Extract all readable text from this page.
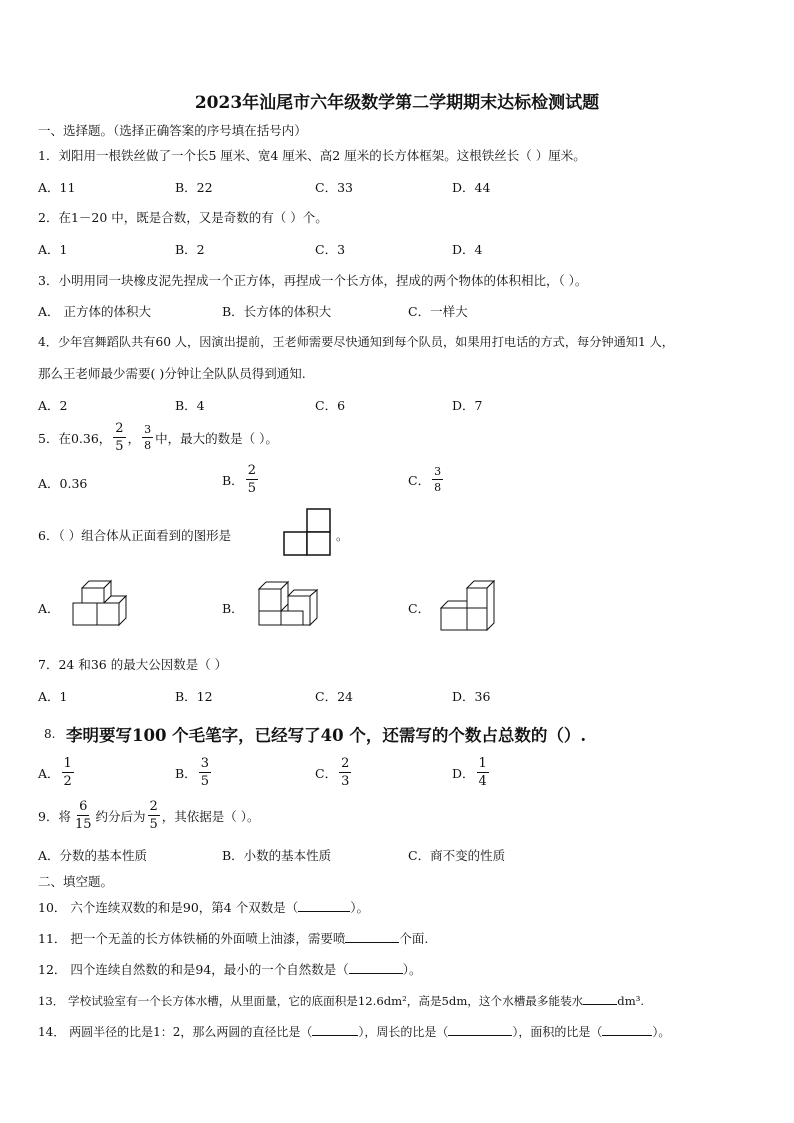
2023年汕尾市六年级数学第二学期期末达标检测试题
一、选择题。（选择正确答案的序号填在括号内）
1．刘阳用一根铁丝做了一个长5 厘米、宽4 厘米、高2 厘米的长方体框架。这根铁丝长（ ）厘米。
A．11	B．22	C．33	D．44
2．在1－20 中，既是合数，又是奇数的有（ ）个。
A．1	B．2	C．3	D．4
3．小明用同一块橡皮泥先捏成一个正方体，再捏成一个长方体，捏成的两个物体的体积相比，（ ）。
A． 正方体的体积大	B．长方体的体积大	C．一样大
4．少年宫舞蹈队共有60 人，因演出提前，王老师需要尽快通知到每个队员，如果用打电话的方式，每分钟通知1 人，
那么王老师最少需要( )分钟让全队队员得到通知.
A．2	B．4	C．6	D．7
5．在0.36， $\frac{2}{5}$ ， $\frac{3}{8}$ 中，最大的数是（ ）。
A．0.36	B． $\frac{2}{5}$	C． $\frac{3}{8}$
6．（ ）组合体从正面看到的图形是	。
A．	B．	C．
7．24 和36 的最大公因数是（ ）
A．1	B．12	C．24	D．36
8. 李明要写100 个毛笔字，已经写了40 个，还需写的个数占总数的（）.
A． $\frac{1}{2}$	B． $\frac{3}{5}$	C． $\frac{2}{3}$	D． $\frac{1}{4}$
9．将 $\frac{6}{15}$ 约分后为 $\frac{2}{5}$ ，其依据是（ ）。
A．分数的基本性质	B．小数的基本性质	C．商不变的性质
二、填空题。
10． 六个连续双数的和是90，第4 个双数是（	）。
11． 把一个无盖的长方体铁桶的外面喷上油漆，需要喷	个面.
12． 四个连续自然数的和是94，最小的一个自然数是（	）。
13． 学校试验室有一个长方体水槽，从里面量，它的底面积是12.6dm²，高是5dm，这个水槽最多能装水	dm³.
14． 两圆半径的比是1：2，那么两圆的直径比是（	），周长的比是（	），面积的比是（	）。
